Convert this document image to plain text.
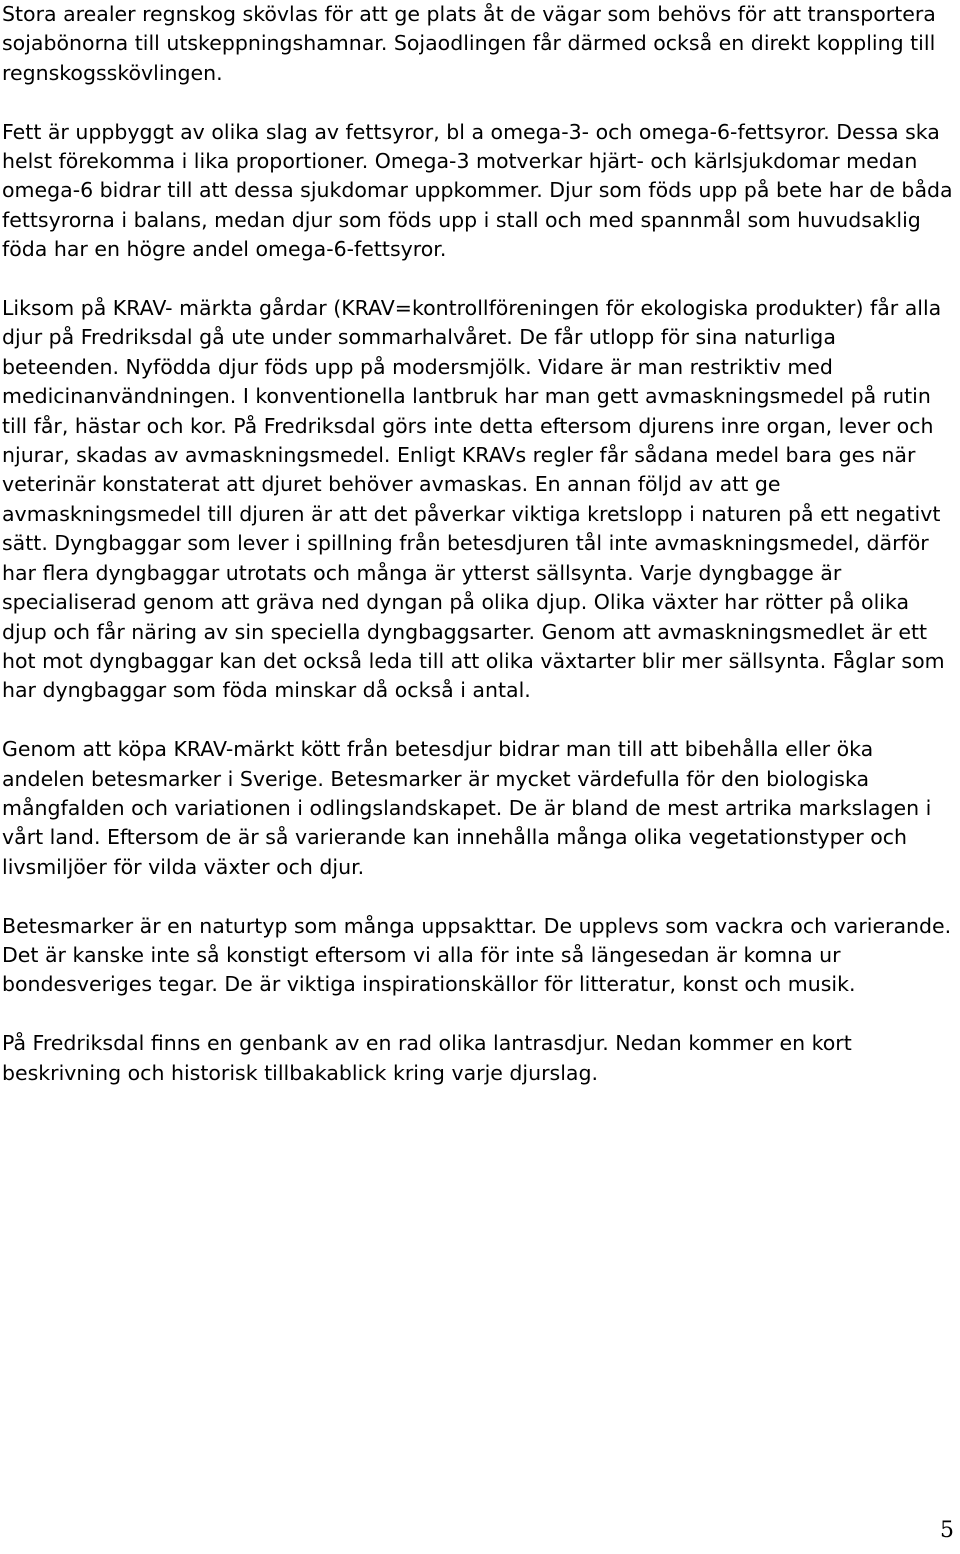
Stora arealer regnskog skövlas för att ge plats åt de vägar som behövs för att transportera sojabönorna till utskeppningshamnar. Sojaodlingen får därmed också en direkt koppling till regnskogsskövlingen.

Fett är uppbyggt av olika slag av fettsyror, bl a omega-3- och omega-6-fettsyror. Dessa ska helst förekomma i lika proportioner. Omega-3 motverkar hjärt- och kärlsjukdomar medan omega-6 bidrar till att dessa sjukdomar uppkommer. Djur som föds upp på bete har de båda fettsyrorna i balans, medan djur som föds upp i stall och med spannmål som huvudsaklig föda har en högre andel omega-6-fettsyror.

Liksom på KRAV- märkta gårdar (KRAV=kontrollföreningen för ekologiska produkter) får alla djur på Fredriksdal gå ute under sommarhalvåret. De får utlopp för sina naturliga beteenden. Nyfödda djur föds upp på modersmjölk. Vidare är man restriktiv med medicinanvändningen. I konventionella lantbruk har man gett avmaskningsmedel på rutin till får, hästar och kor. På Fredriksdal görs inte detta eftersom djurens inre organ, lever och njurar, skadas av avmaskningsmedel. Enligt KRAVs regler får sådana medel bara ges när veterinär konstaterat att djuret behöver avmaskas. En annan följd av att ge avmaskningsmedel till djuren är att det påverkar viktiga kretslopp i naturen på ett negativt sätt. Dyngbaggar som lever i spillning från betesdjuren tål inte avmaskningsmedel, därför har flera dyngbaggar utrotats och många är ytterst sällsynta. Varje dyngbagge är specialiserad genom att gräva ned dyngan på olika djup. Olika växter har rötter på olika djup och får näring av sin speciella dyngbaggsarter. Genom att avmaskningsmedlet är ett hot mot dyngbaggar kan det också leda till att olika växtarter blir mer sällsynta. Fåglar som har dyngbaggar som föda minskar då också i antal.

Genom att köpa KRAV-märkt kött från betesdjur bidrar man till att bibehålla eller öka andelen betesmarker i Sverige. Betesmarker är mycket värdefulla för den biologiska mångfalden och variationen i odlingslandskapet. De är bland de mest artrika markslagen i vårt land. Eftersom de är så varierande kan innehålla många olika vegetationstyper och livsmiljöer för vilda växter och djur.

Betesmarker är en naturtyp som många uppsakttar. De upplevs som vackra och varierande. Det är kanske inte så konstigt eftersom vi alla för inte så längesedan är komna ur bondesveriges tegar. De är viktiga inspirationskällor för litteratur, konst och musik.

På Fredriksdal finns en genbank av en rad olika lantrasdjur. Nedan kommer en kort beskrivning och historisk tillbakablick kring varje djurslag.

5
